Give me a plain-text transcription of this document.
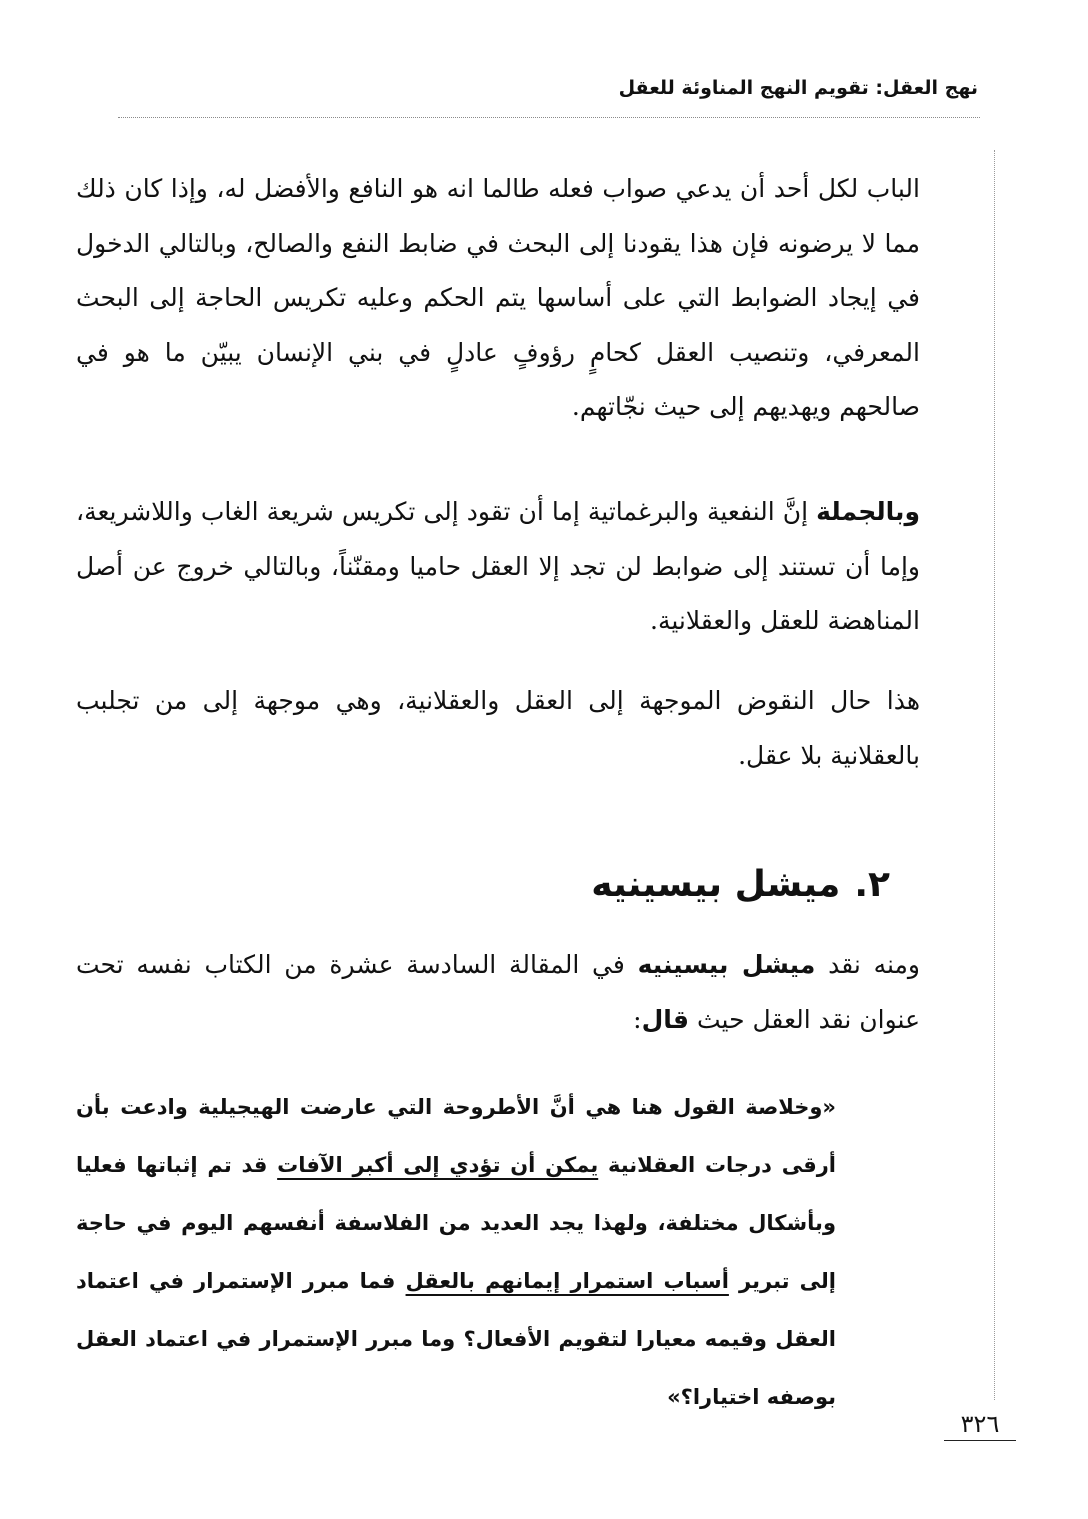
نهج العقل: تقويم النهج المناوئة للعقل

الباب لكل أحد أن يدعي صواب فعله طالما انه هو النافع والأفضل له، وإذا كان ذلك مما لا يرضونه فإن هذا يقودنا إلى البحث في ضابط النفع والصالح، وبالتالي الدخول في إيجاد الضوابط التي على أساسها يتم الحكم وعليه تكريس الحاجة إلى البحث المعرفي، وتنصيب العقل كحامٍ رؤوفٍ عادلٍ في بني الإنسان يبيّن ما هو في صالحهم ويهديهم إلى حيث نجّاتهم.

وبالجملة إنَّ النفعية والبرغماتية إما أن تقود إلى تكريس شريعة الغاب واللاشريعة، وإما أن تستند إلى ضوابط لن تجد إلا العقل حاميا ومقنّناً، وبالتالي خروج عن أصل المناهضة للعقل والعقلانية.

هذا حال النقوض الموجهة إلى العقل والعقلانية، وهي موجهة إلى من تجلبب بالعقلانية بلا عقل.

٢.ميشل بيسينيه

ومنه نقد ميشل بيسينيه في المقالة السادسة عشرة من الكتاب نفسه تحت عنوان نقد العقل حيث قال:

«وخلاصة القول هنا هي أنَّ الأطروحة التي عارضت الهيجيلية وادعت بأن أرقى درجات العقلانية يمكن أن تؤدي إلى أكبر الآفات قد تم إثباتها فعليا وبأشكال مختلفة، ولهذا يجد العديد من الفلاسفة أنفسهم اليوم في حاجة إلى تبرير أسباب استمرار إيمانهم بالعقل فما مبرر الإستمرار في اعتماد العقل وقيمه معيارا لتقويم الأفعال؟ وما مبرر الإستمرار في اعتماد العقل بوصفه اختيارا؟»

٣٢٦
